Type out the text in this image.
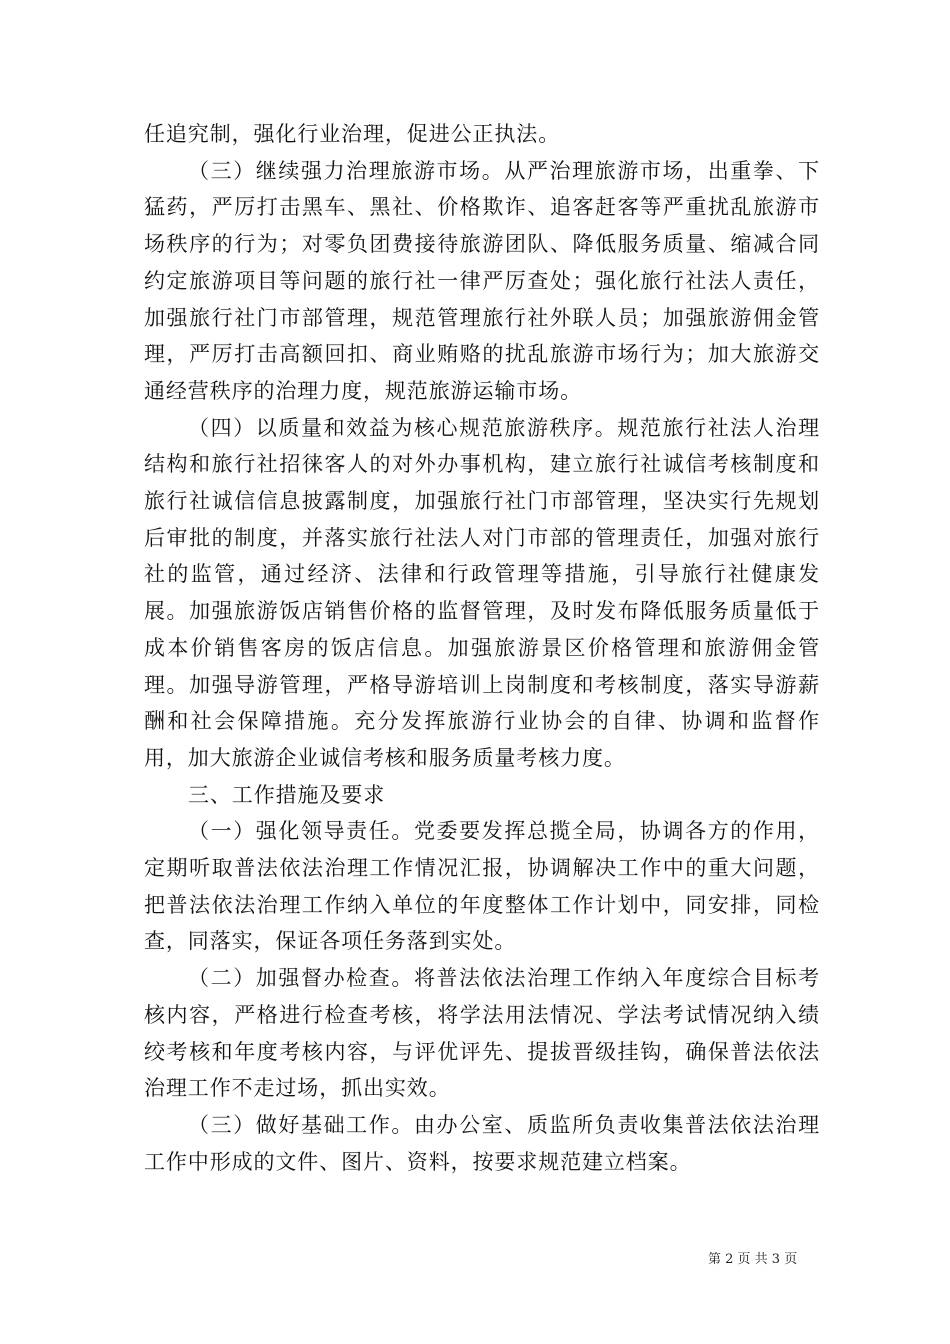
任追究制，强化行业治理，促进公正执法。

（三）继续强力治理旅游市场。从严治理旅游市场，出重拳、下猛药，严厉打击黑车、黑社、价格欺诈、追客赶客等严重扰乱旅游市场秩序的行为；对零负团费接待旅游团队、降低服务质量、缩减合同约定旅游项目等问题的旅行社一律严厉查处；强化旅行社法人责任，加强旅行社门市部管理，规范管理旅行社外联人员；加强旅游佣金管理，严厉打击高额回扣、商业贿赂的扰乱旅游市场行为；加大旅游交通经营秩序的治理力度，规范旅游运输市场。

（四）以质量和效益为核心规范旅游秩序。规范旅行社法人治理结构和旅行社招徕客人的对外办事机构，建立旅行社诚信考核制度和旅行社诚信信息披露制度，加强旅行社门市部管理，坚决实行先规划后审批的制度，并落实旅行社法人对门市部的管理责任，加强对旅行社的监管，通过经济、法律和行政管理等措施，引导旅行社健康发展。加强旅游饭店销售价格的监督管理，及时发布降低服务质量低于成本价销售客房的饭店信息。加强旅游景区价格管理和旅游佣金管理。加强导游管理，严格导游培训上岗制度和考核制度，落实导游薪酬和社会保障措施。充分发挥旅游行业协会的自律、协调和监督作用，加大旅游企业诚信考核和服务质量考核力度。

三、工作措施及要求

（一）强化领导责任。党委要发挥总揽全局，协调各方的作用，定期听取普法依法治理工作情况汇报，协调解决工作中的重大问题，把普法依法治理工作纳入单位的年度整体工作计划中，同安排，同检查，同落实，保证各项任务落到实处。

（二）加强督办检查。将普法依法治理工作纳入年度综合目标考核内容，严格进行检查考核，将学法用法情况、学法考试情况纳入绩绞考核和年度考核内容，与评优评先、提拔晋级挂钩，确保普法依法治理工作不走过场，抓出实效。

（三）做好基础工作。由办公室、质监所负责收集普法依法治理工作中形成的文件、图片、资料，按要求规范建立档案。

第 2 页 共 3 页
